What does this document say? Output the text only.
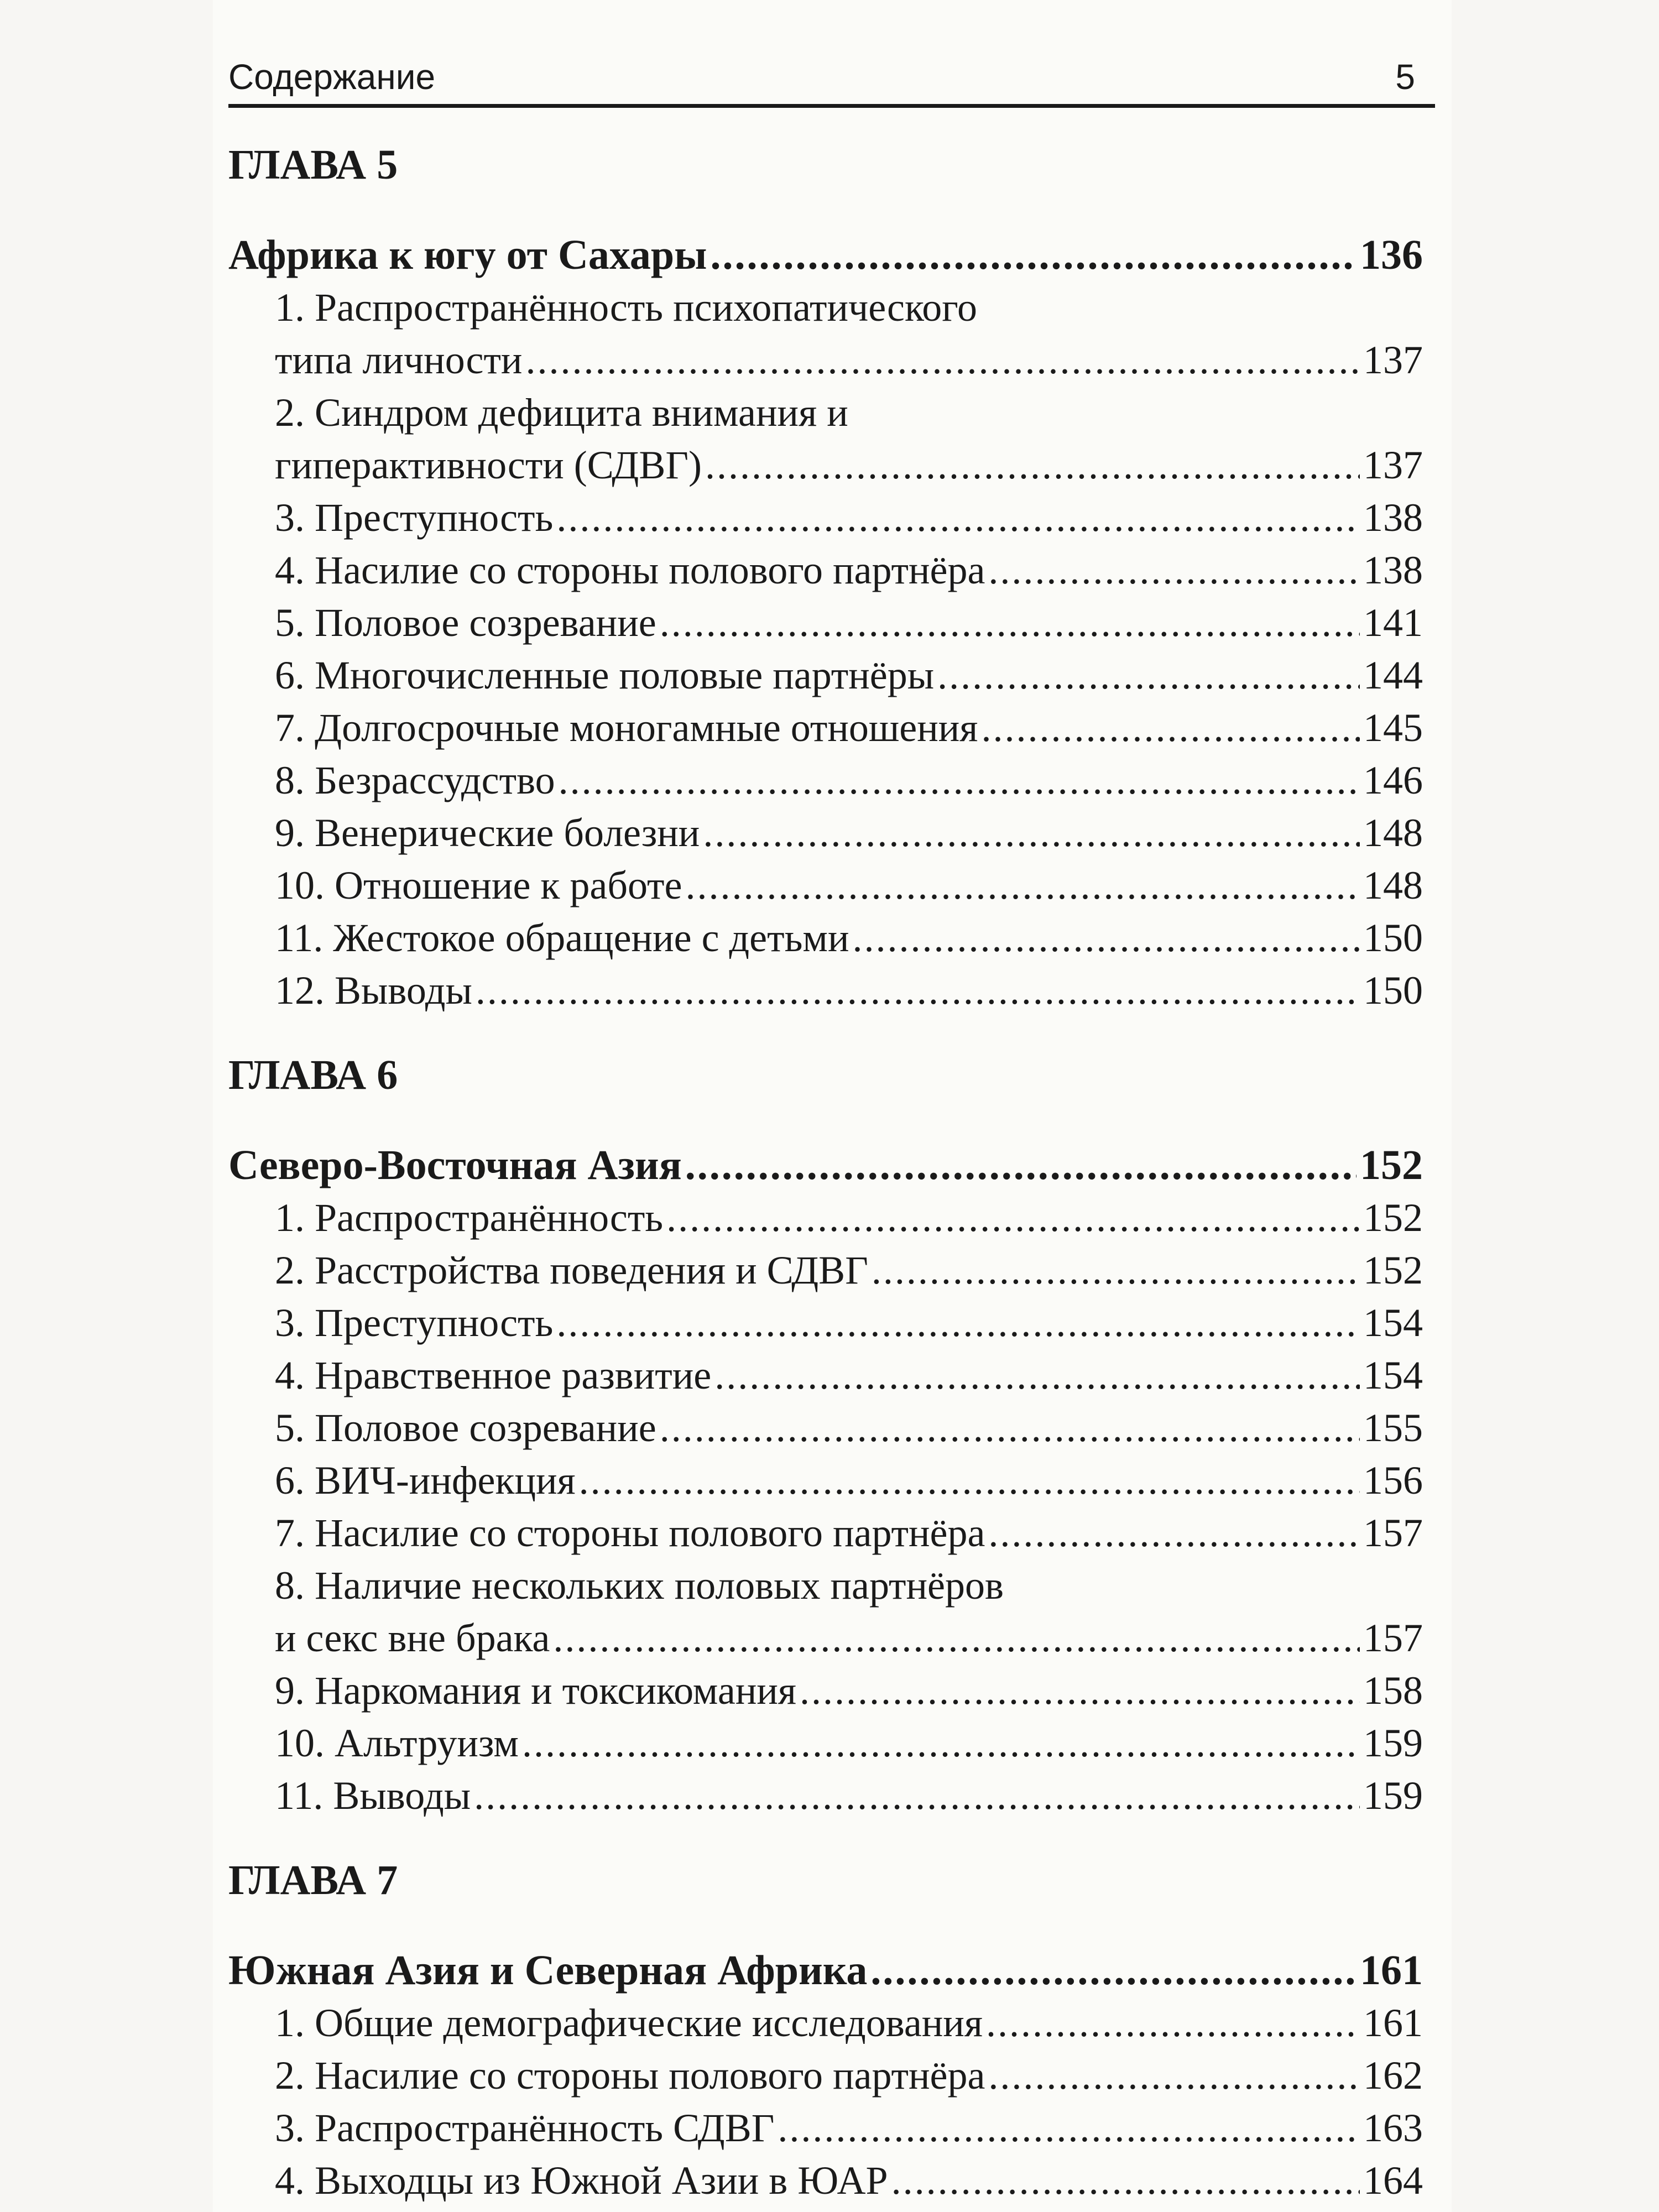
Содержание	5
ГЛАВА 5
Африка к югу от Сахары .....	136
1. Распространённость психопатического
типа личности .....	137
2. Синдром дефицита внимания и
гиперактивности (СДВГ) .....	137
3. Преступность .....	138
4. Насилие со стороны полового партнёра .....	138
5. Половое созревание .....	141
6. Многочисленные половые партнёры .....	144
7. Долгосрочные моногамные отношения .....	145
8. Безрассудство .....	146
9. Венерические болезни .....	148
10. Отношение к работе .....	148
11. Жестокое обращение с детьми .....	150
12. Выводы .....	150
ГЛАВА 6
Северо-Восточная Азия .....	152
1. Распространённость .....	152
2. Расстройства поведения и СДВГ .....	152
3. Преступность .....	154
4. Нравственное развитие .....	154
5. Половое созревание .....	155
6. ВИЧ-инфекция .....	156
7. Насилие со стороны полового партнёра .....	157
8. Наличие нескольких половых партнёров
и секс вне брака .....	157
9. Наркомания и токсикомания .....	158
10. Альтруизм .....	159
11. Выводы .....	159
ГЛАВА 7
Южная Азия и Северная Африка .....	161
1. Общие демографические исследования .....	161
2. Насилие со стороны полового партнёра .....	162
3. Распространённость СДВГ .....	163
4. Выходцы из Южной Азии в ЮАР .....	164
